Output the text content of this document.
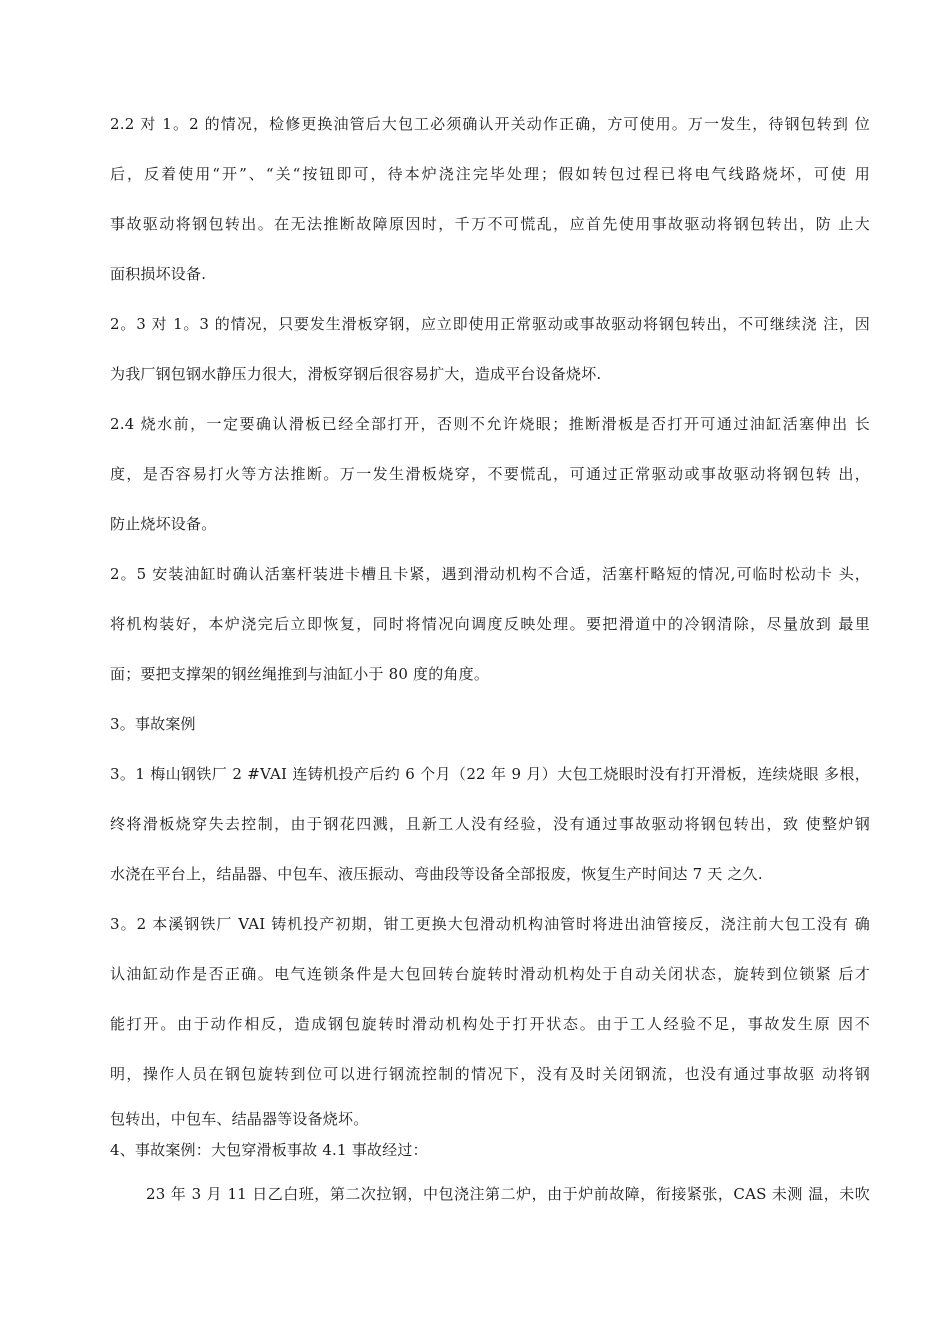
2.2 对 1。2 的情况，检修更换油管后大包工必须确认开关动作正确，方可使用。万一发生，待钢包转到 位
后，反着使用“开”、“关“按钮即可，待本炉浇注完毕处理；假如转包过程已将电气线路烧坏，可使 用
事故驱动将钢包转出。在无法推断故障原因时，千万不可慌乱，应首先使用事故驱动将钢包转出，防 止大
面积损坏设备.
2。3 对 1。3 的情况，只要发生滑板穿钢，应立即使用正常驱动或事故驱动将钢包转出，不可继续浇 注，因
为我厂钢包钢水静压力很大，滑板穿钢后很容易扩大，造成平台设备烧坏.
2.4 烧水前，一定要确认滑板已经全部打开，否则不允许烧眼；推断滑板是否打开可通过油缸活塞伸出 长
度，是否容易打火等方法推断。万一发生滑板烧穿，不要慌乱，可通过正常驱动或事故驱动将钢包转 出，
防止烧坏设备。
2。5 安装油缸时确认活塞杆装进卡槽且卡紧，遇到滑动机构不合适，活塞杆略短的情况,可临时松动卡 头，
将机构装好，本炉浇完后立即恢复，同时将情况向调度反映处理。要把滑道中的冷钢清除，尽量放到 最里
面；要把支撑架的钢丝绳推到与油缸小于 80 度的角度。
3。事故案例
3。1 梅山钢铁厂 2 #VAI 连铸机投产后约 6 个月（22 年 9 月）大包工烧眼时没有打开滑板，连续烧眼 多根，
终将滑板烧穿失去控制，由于钢花四溅，且新工人没有经验，没有通过事故驱动将钢包转出，致 使整炉钢
水浇在平台上，结晶器、中包车、液压振动、弯曲段等设备全部报废，恢复生产时间达 7 天 之久.
3。2 本溪钢铁厂 VAI 铸机投产初期，钳工更换大包滑动机构油管时将进出油管接反，浇注前大包工没有 确
认油缸动作是否正确。电气连锁条件是大包回转台旋转时滑动机构处于自动关闭状态，旋转到位锁紧 后才
能打开。由于动作相反，造成钢包旋转时滑动机构处于打开状态。由于工人经验不足，事故发生原 因不
明，操作人员在钢包旋转到位可以进行钢流控制的情况下，没有及时关闭钢流，也没有通过事故驱 动将钢
包转出，中包车、结晶器等设备烧坏。
4、事故案例：大包穿滑板事故 4.1 事故经过：
23 年 3 月 11 日乙白班，第二次拉钢，中包浇注第二炉，由于炉前故障，衔接紧张，CAS 未测 温，未吹
